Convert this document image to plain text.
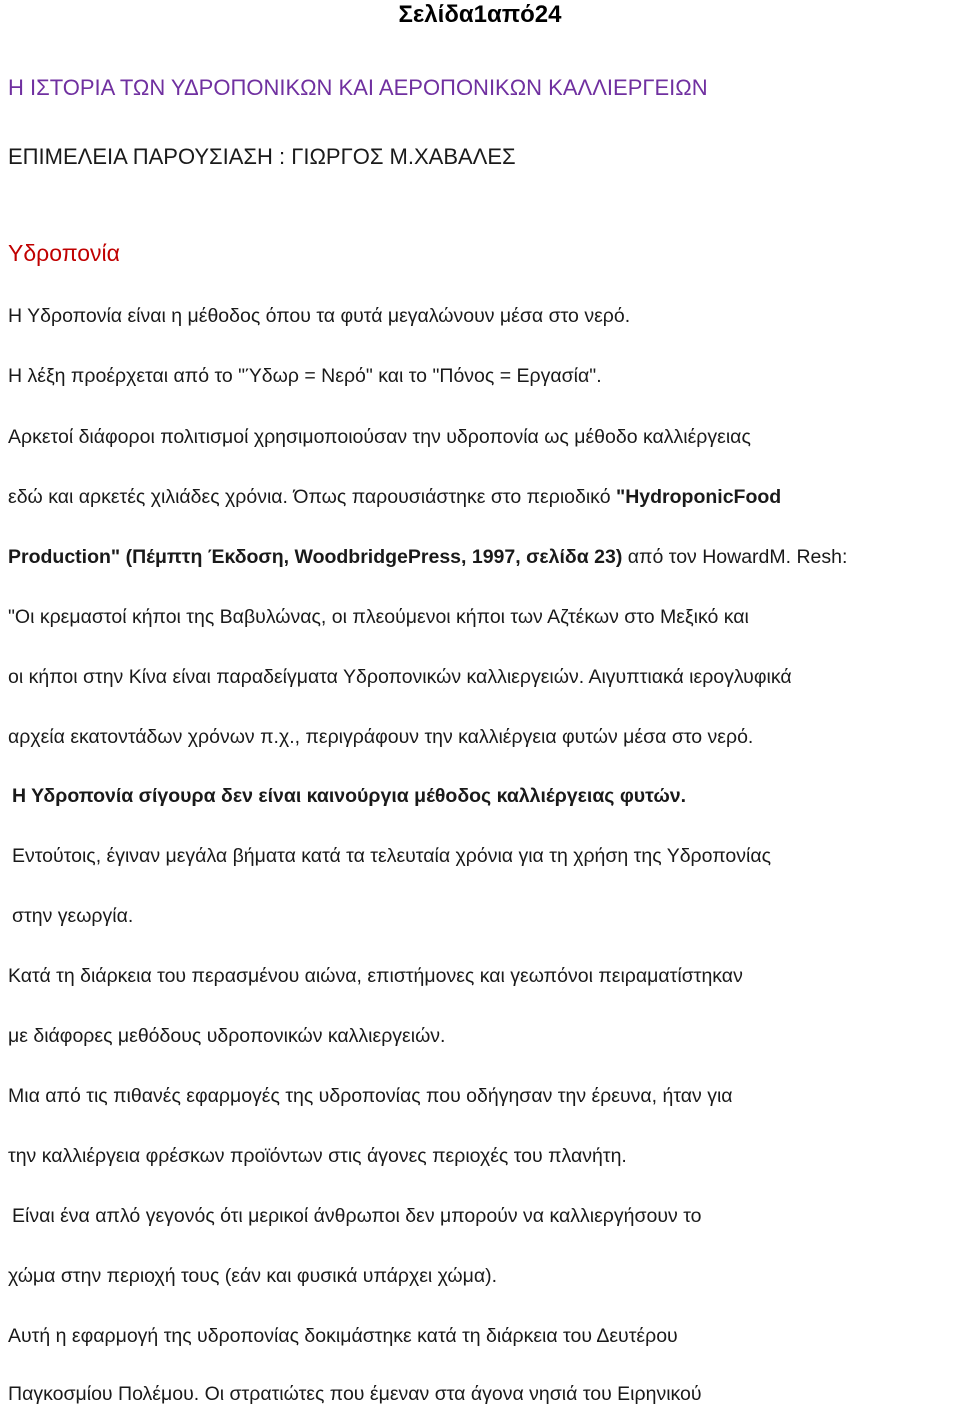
Σελίδα1από24
Η ΙΣΤΟΡΙΑ ΤΩΝ ΥΔΡΟΠΟΝΙΚΩΝ ΚΑΙ ΑΕΡΟΠΟΝΙΚΩΝ ΚΑΛΛΙΕΡΓΕΙΩΝ
ΕΠΙΜΕΛΕΙΑ ΠΑΡΟΥΣΙΑΣΗ : ΓΙΩΡΓΟΣ Μ.ΧΑΒΑΛΕΣ
Υδροπονία
Η Υδροπονία είναι η μέθοδος όπου τα φυτά μεγαλώνουν μέσα στο νερό.
Η λέξη προέρχεται από το "Ύδωρ = Νερό" και το "Πόνος = Εργασία".
Αρκετοί διάφοροι πολιτισμοί χρησιμοποιούσαν την υδροπονία ως μέθοδο καλλιέργειας
εδώ και αρκετές χιλιάδες χρόνια. Όπως παρουσιάστηκε στο περιοδικό "HydroponicFood
Production" (Πέμπτη Έκδοση, WoodbridgePress, 1997, σελίδα 23) από τον HowardM. Resh:
"Οι κρεμαστοί κήποι της Βαβυλώνας, οι πλεούμενοι κήποι των Αζτέκων στο Μεξικό και
οι κήποι στην Κίνα είναι παραδείγματα Υδροπονικών καλλιεργειών. Αιγυπτιακά ιερογλυφικά
αρχεία εκατοντάδων χρόνων π.χ., περιγράφουν την καλλιέργεια φυτών μέσα στο νερό.
Η Υδροπονία σίγουρα δεν είναι καινούργια μέθοδος καλλιέργειας φυτών.
Εντούτοις, έγιναν μεγάλα βήματα κατά τα τελευταία χρόνια για τη χρήση της Υδροπονίας
στην γεωργία.
Κατά τη διάρκεια του περασμένου αιώνα, επιστήμονες και γεωπόνοι πειραματίστηκαν
με διάφορες μεθόδους υδροπονικών καλλιεργειών.
Μια από τις πιθανές εφαρμογές της υδροπονίας που οδήγησαν την έρευνα, ήταν για
την καλλιέργεια φρέσκων προϊόντων στις άγονες περιοχές του πλανήτη.
Είναι ένα απλό γεγονός ότι μερικοί άνθρωποι δεν μπορούν να καλλιεργήσουν το
χώμα στην περιοχή τους (εάν και φυσικά υπάρχει χώμα).
Αυτή η εφαρμογή της υδροπονίας δοκιμάστηκε κατά τη διάρκεια του Δευτέρου
Παγκοσμίου Πολέμου. Οι στρατιώτες που έμεναν στα άγονα νησιά του Ειρηνικού
